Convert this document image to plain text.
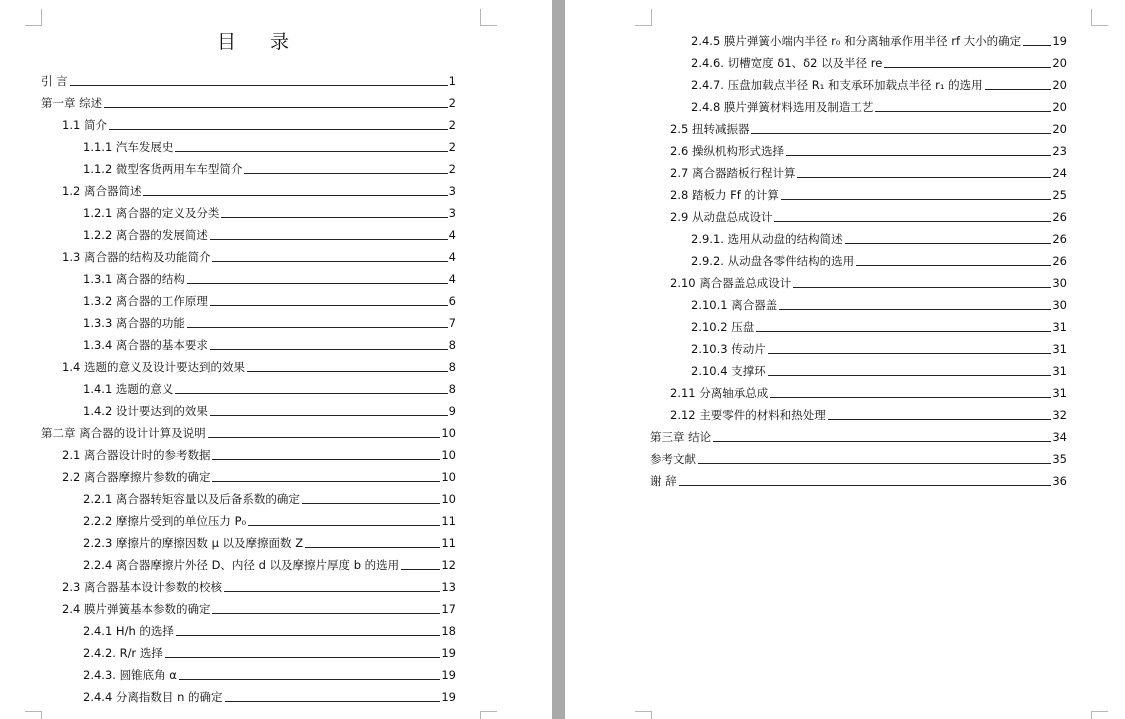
目 录
引 言	1
第一章 综述	2
1.1 简介	2
1.1.1 汽车发展史	2
1.1.2 微型客货两用车车型简介	2
1.2 离合器简述	3
1.2.1 离合器的定义及分类	3
1.2.2 离合器的发展简述	4
1.3 离合器的结构及功能简介	4
1.3.1 离合器的结构	4
1.3.2 离合器的工作原理	6
1.3.3 离合器的功能	7
1.3.4 离合器的基本要求	8
1.4 选题的意义及设计要达到的效果	8
1.4.1 选题的意义	8
1.4.2 设计要达到的效果	9
第二章 离合器的设计计算及说明	10
2.1 离合器设计时的参考数据	10
2.2 离合器摩擦片参数的确定	10
2.2.1 离合器转矩容量以及后备系数的确定	10
2.2.2 摩擦片受到的单位压力 P₀	11
2.2.3 摩擦片的摩擦因数 μ 以及摩擦面数 Z	11
2.2.4 离合器摩擦片外径 D、内径 d 以及摩擦片厚度 b 的选用	12
2.3 离合器基本设计参数的校核	13
2.4 膜片弹簧基本参数的确定	17
2.4.1 H/h 的选择	18
2.4.2. R/r 选择	19
2.4.3. 圆锥底角 α	19
2.4.4 分离指数目 n 的确定	19
2.4.5 膜片弹簧小端内半径 r₀ 和分离轴承作用半径 rf 大小的确定	19
2.4.6. 切槽宽度 δ1、δ2 以及半径 re	20
2.4.7. 压盘加载点半径 R₁ 和支承环加载点半径 r₁ 的选用	20
2.4.8 膜片弹簧材料选用及制造工艺	20
2.5 扭转减振器	20
2.6 操纵机构形式选择	23
2.7 离合器踏板行程计算	24
2.8 踏板力 Ff 的计算	25
2.9 从动盘总成设计	26
2.9.1. 选用从动盘的结构简述	26
2.9.2. 从动盘各零件结构的选用	26
2.10 离合器盖总成设计	30
2.10.1 离合器盖	30
2.10.2 压盘	31
2.10.3 传动片	31
2.10.4 支撑环	31
2.11 分离轴承总成	31
2.12 主要零件的材料和热处理	32
第三章 结论	34
参考文献	35
谢 辞	36
